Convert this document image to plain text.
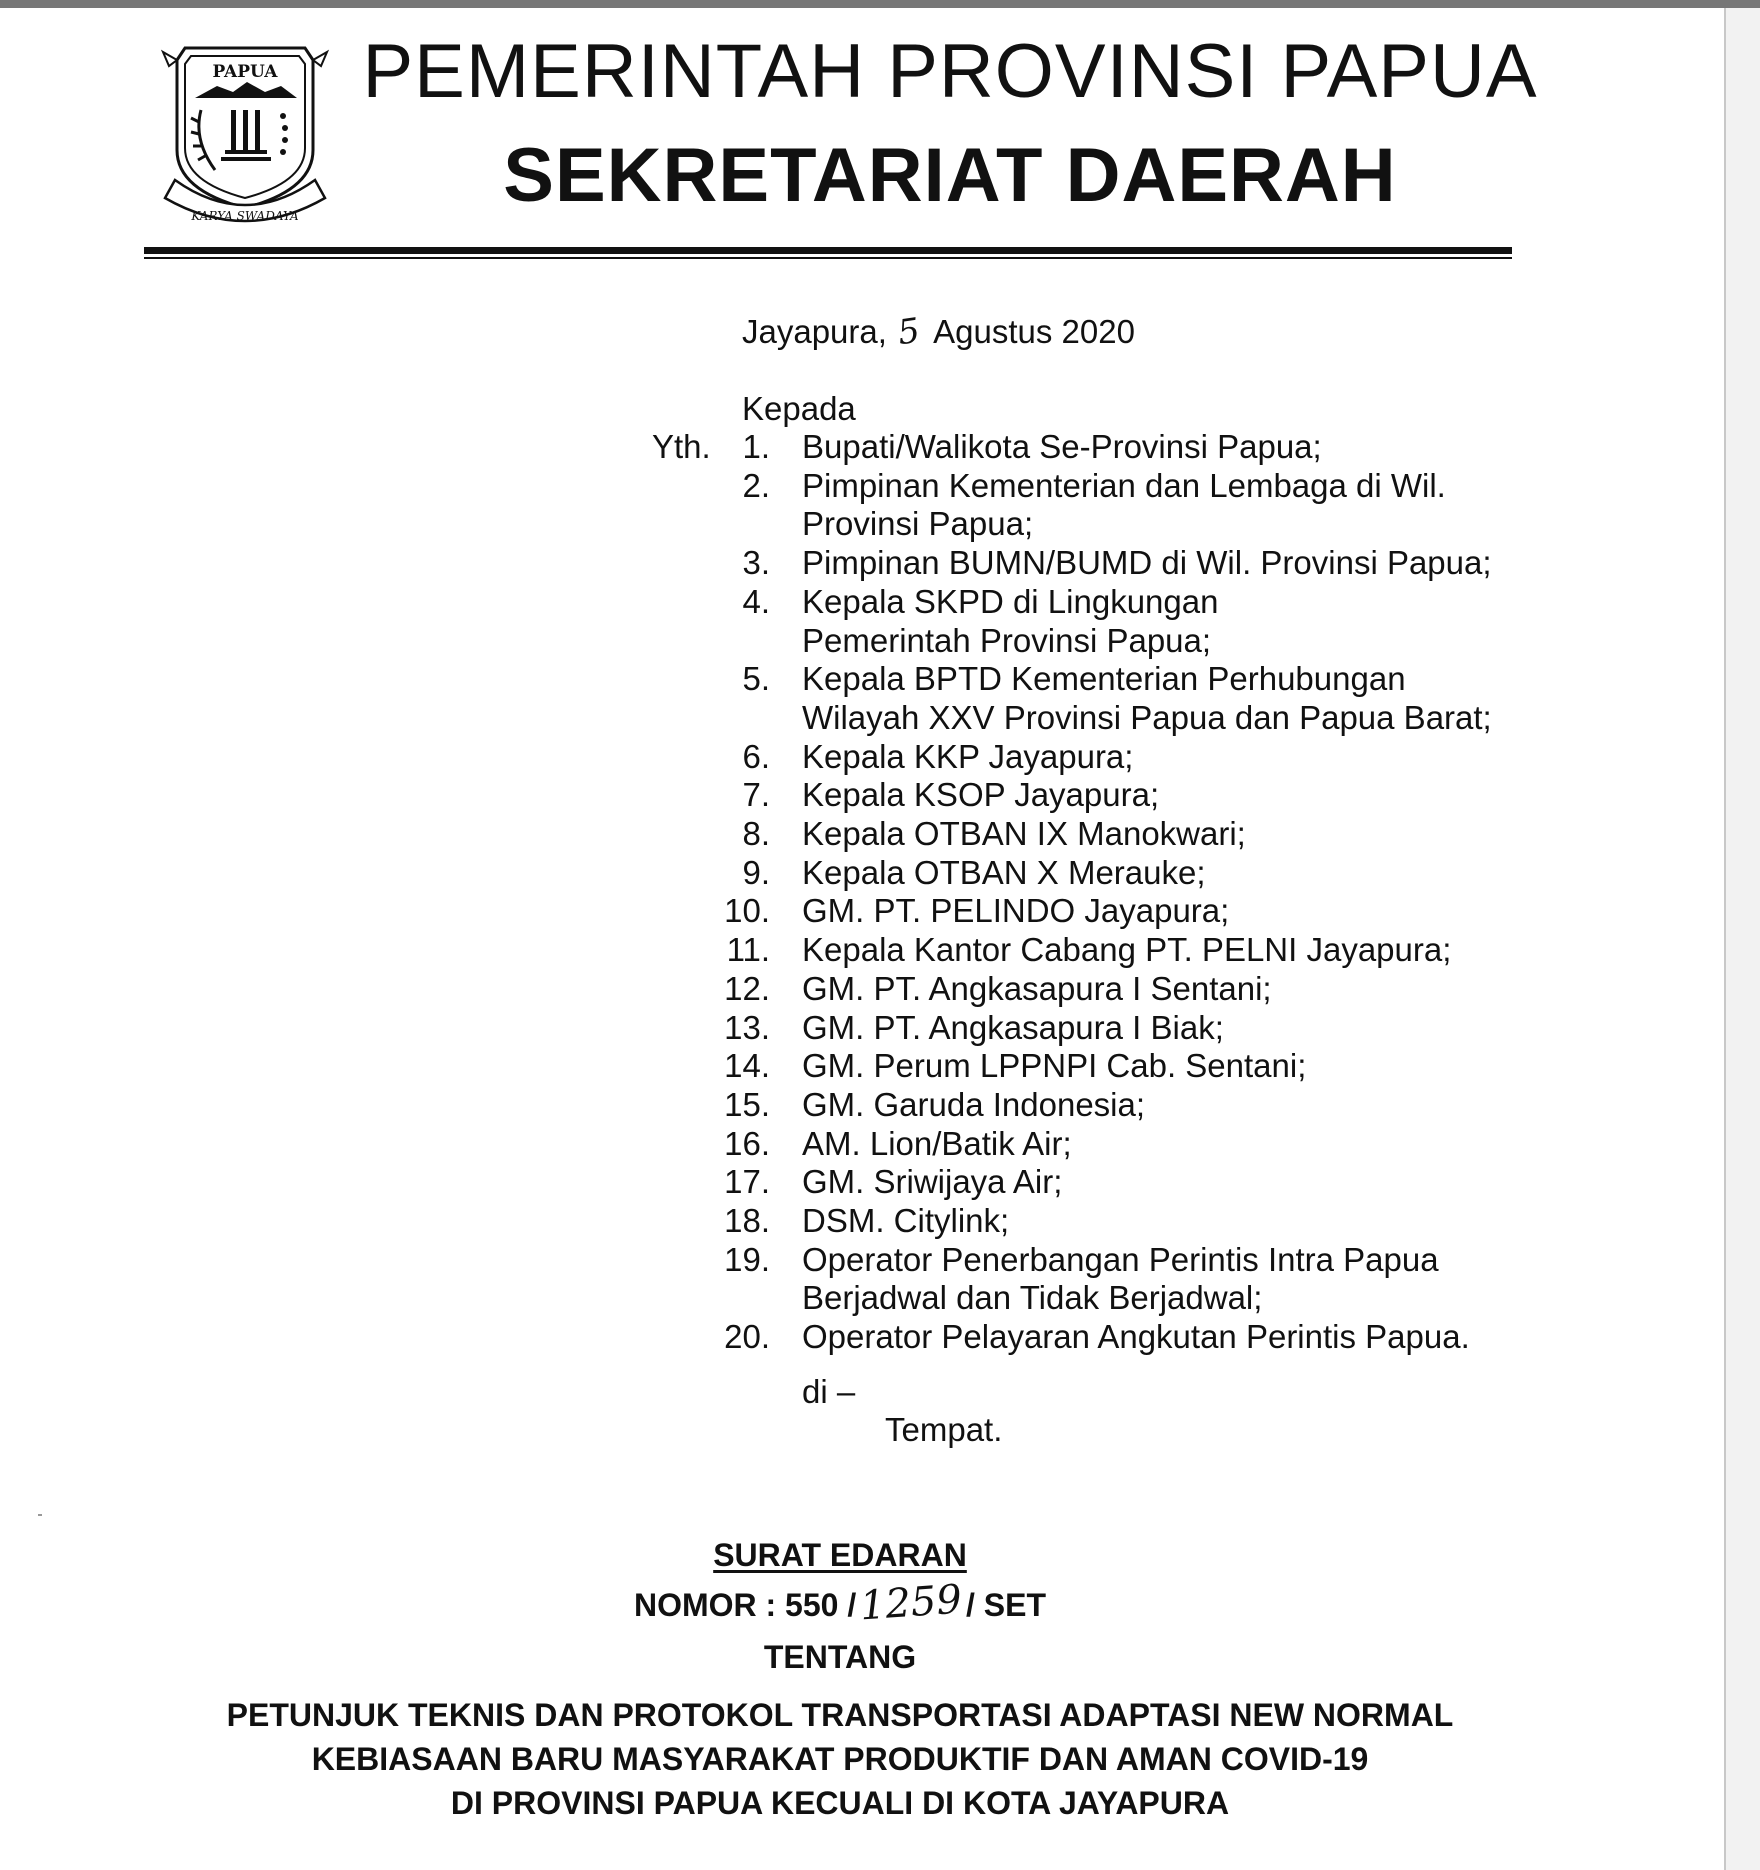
PAPUA
KARYA SWADAYA
PEMERINTAH PROVINSI PAPUA
SEKRETARIAT DAERAH
Jayapura, 5 Agustus 2020
Kepada
Yth. 1. Bupati/Walikota Se-Provinsi Papua;
2. Pimpinan Kementerian dan Lembaga di Wil.
Provinsi Papua;
3. Pimpinan BUMN/BUMD di Wil. Provinsi Papua;
4. Kepala SKPD di Lingkungan
Pemerintah Provinsi Papua;
5. Kepala BPTD Kementerian Perhubungan
Wilayah XXV Provinsi Papua dan Papua Barat;
6. Kepala KKP Jayapura;
7. Kepala KSOP Jayapura;
8. Kepala OTBAN IX Manokwari;
9. Kepala OTBAN X Merauke;
10. GM. PT. PELINDO Jayapura;
11. Kepala Kantor Cabang PT. PELNI Jayapura;
12. GM. PT. Angkasapura I Sentani;
13. GM. PT. Angkasapura I Biak;
14. GM. Perum LPPNPI Cab. Sentani;
15. GM. Garuda Indonesia;
16. AM. Lion/Batik Air;
17. GM. Sriwijaya Air;
18. DSM. Citylink;
19. Operator Penerbangan Perintis Intra Papua
Berjadwal dan Tidak Berjadwal;
20. Operator Pelayaran Angkutan Perintis Papua.
di –
Tempat.
SURAT EDARAN
NOMOR : 550 /1259/ SET
TENTANG
PETUNJUK TEKNIS DAN PROTOKOL TRANSPORTASI ADAPTASI NEW NORMAL
KEBIASAAN BARU MASYARAKAT PRODUKTIF DAN AMAN COVID-19
DI PROVINSI PAPUA KECUALI DI KOTA JAYAPURA
